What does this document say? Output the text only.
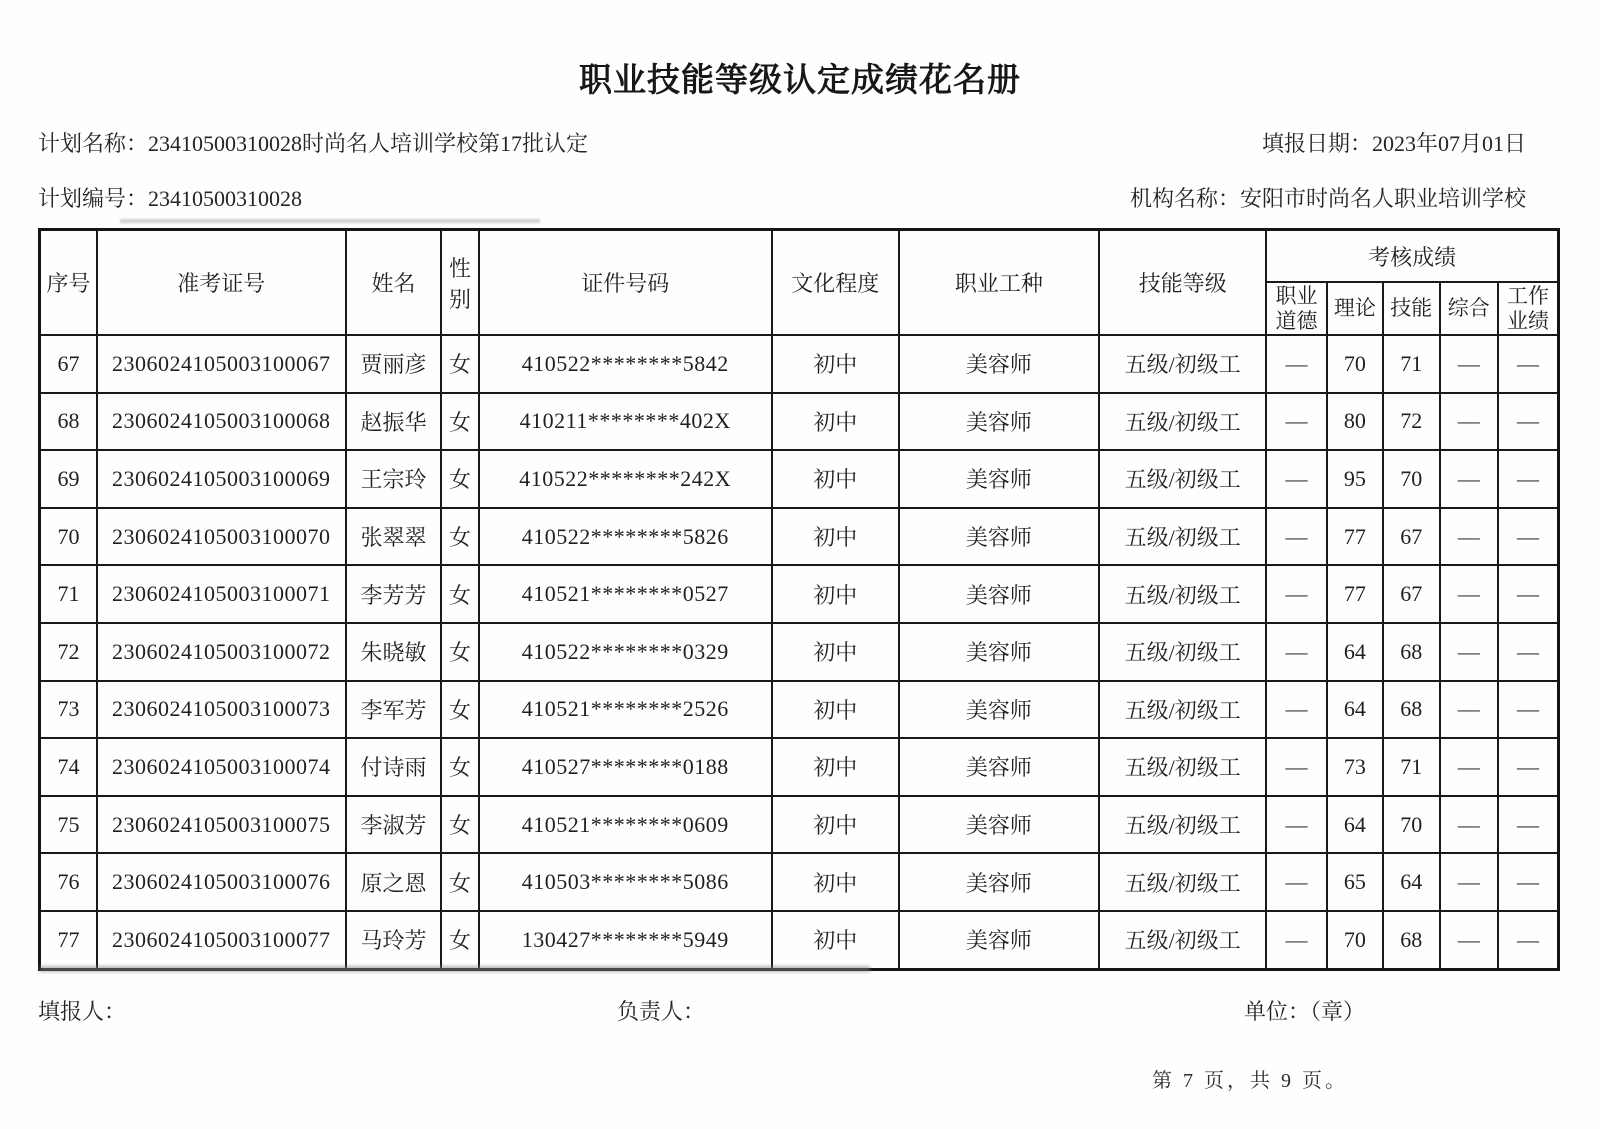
职业技能等级认定成绩花名册
计划名称：23410500310028时尚名人培训学校第17批认定	填报日期：2023年07月01日
计划编号：23410500310028	机构名称：安阳市时尚名人职业培训学校
序号	准考证号	姓名	性别	证件号码	文化程度	职业工种	技能等级	考核成绩				
								职业道德	理论	技能	综合	工作业绩
67	2306024105003100067	贾丽彦	女	410522********5842	初中	美容师	五级/初级工	—	70	71	—	—
68	2306024105003100068	赵振华	女	410211********402X	初中	美容师	五级/初级工	—	80	72	—	—
69	2306024105003100069	王宗玲	女	410522********242X	初中	美容师	五级/初级工	—	95	70	—	—
70	2306024105003100070	张翠翠	女	410522********5826	初中	美容师	五级/初级工	—	77	67	—	—
71	2306024105003100071	李芳芳	女	410521********0527	初中	美容师	五级/初级工	—	77	67	—	—
72	2306024105003100072	朱晓敏	女	410522********0329	初中	美容师	五级/初级工	—	64	68	—	—
73	2306024105003100073	李军芳	女	410521********2526	初中	美容师	五级/初级工	—	64	68	—	—
74	2306024105003100074	付诗雨	女	410527********0188	初中	美容师	五级/初级工	—	73	71	—	—
75	2306024105003100075	李淑芳	女	410521********0609	初中	美容师	五级/初级工	—	64	70	—	—
76	2306024105003100076	原之恩	女	410503********5086	初中	美容师	五级/初级工	—	65	64	—	—
77	2306024105003100077	马玲芳	女	130427********5949	初中	美容师	五级/初级工	—	70	68	—	—
填报人：	负责人：	单位：（章）
第 7 页，共 9 页。
